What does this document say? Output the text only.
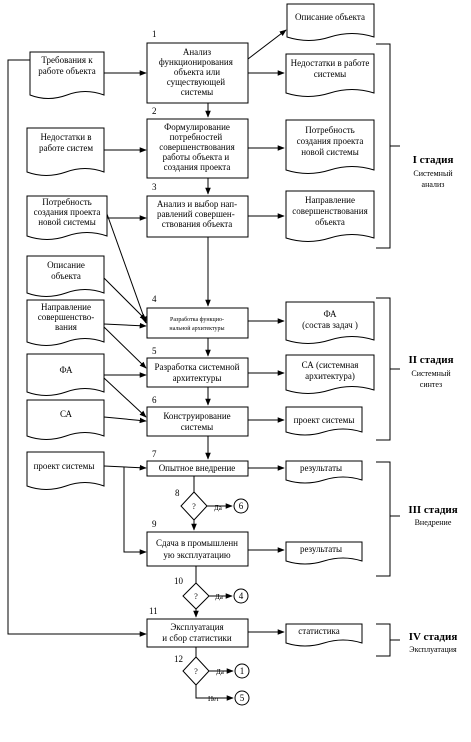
1
Анализ функционирования объекта или существующей системы
2
Формулирование потребностей совершенствования работы объекта и создания проекта
3
Анализ и выбор нап-равлений совершен- ствования объекта
4
Разработка функцио-нальной архитектуры
5
Разработка системной архитектуры
6
Конструирование системы
7
Опытное внедрение
9
Сдача в промышленн ую эксплуатацию
11
Эксплуатация и сбор статистики
Требования к работе объекта
Недостатки в работе систем
Потребность создания проекта новой системы
Описание объекта
Направление совершенство-вания
ФА
СА
проект системы
Описание объекта
Недостатки в работе системы
Потребность создания проекта новой системы
Направление совершенствования объекта
ФА (состав задач )
СА (системная архитектура)
проект системы
результаты
результаты
статистика
8
?	Да 6
10
? Да 4
12
?	Да 1
Нет 5
I стадия
Системный анализ
II стадия
Системный синтез
III стадия
Внедрение
IV стадия
Эксплуатация
